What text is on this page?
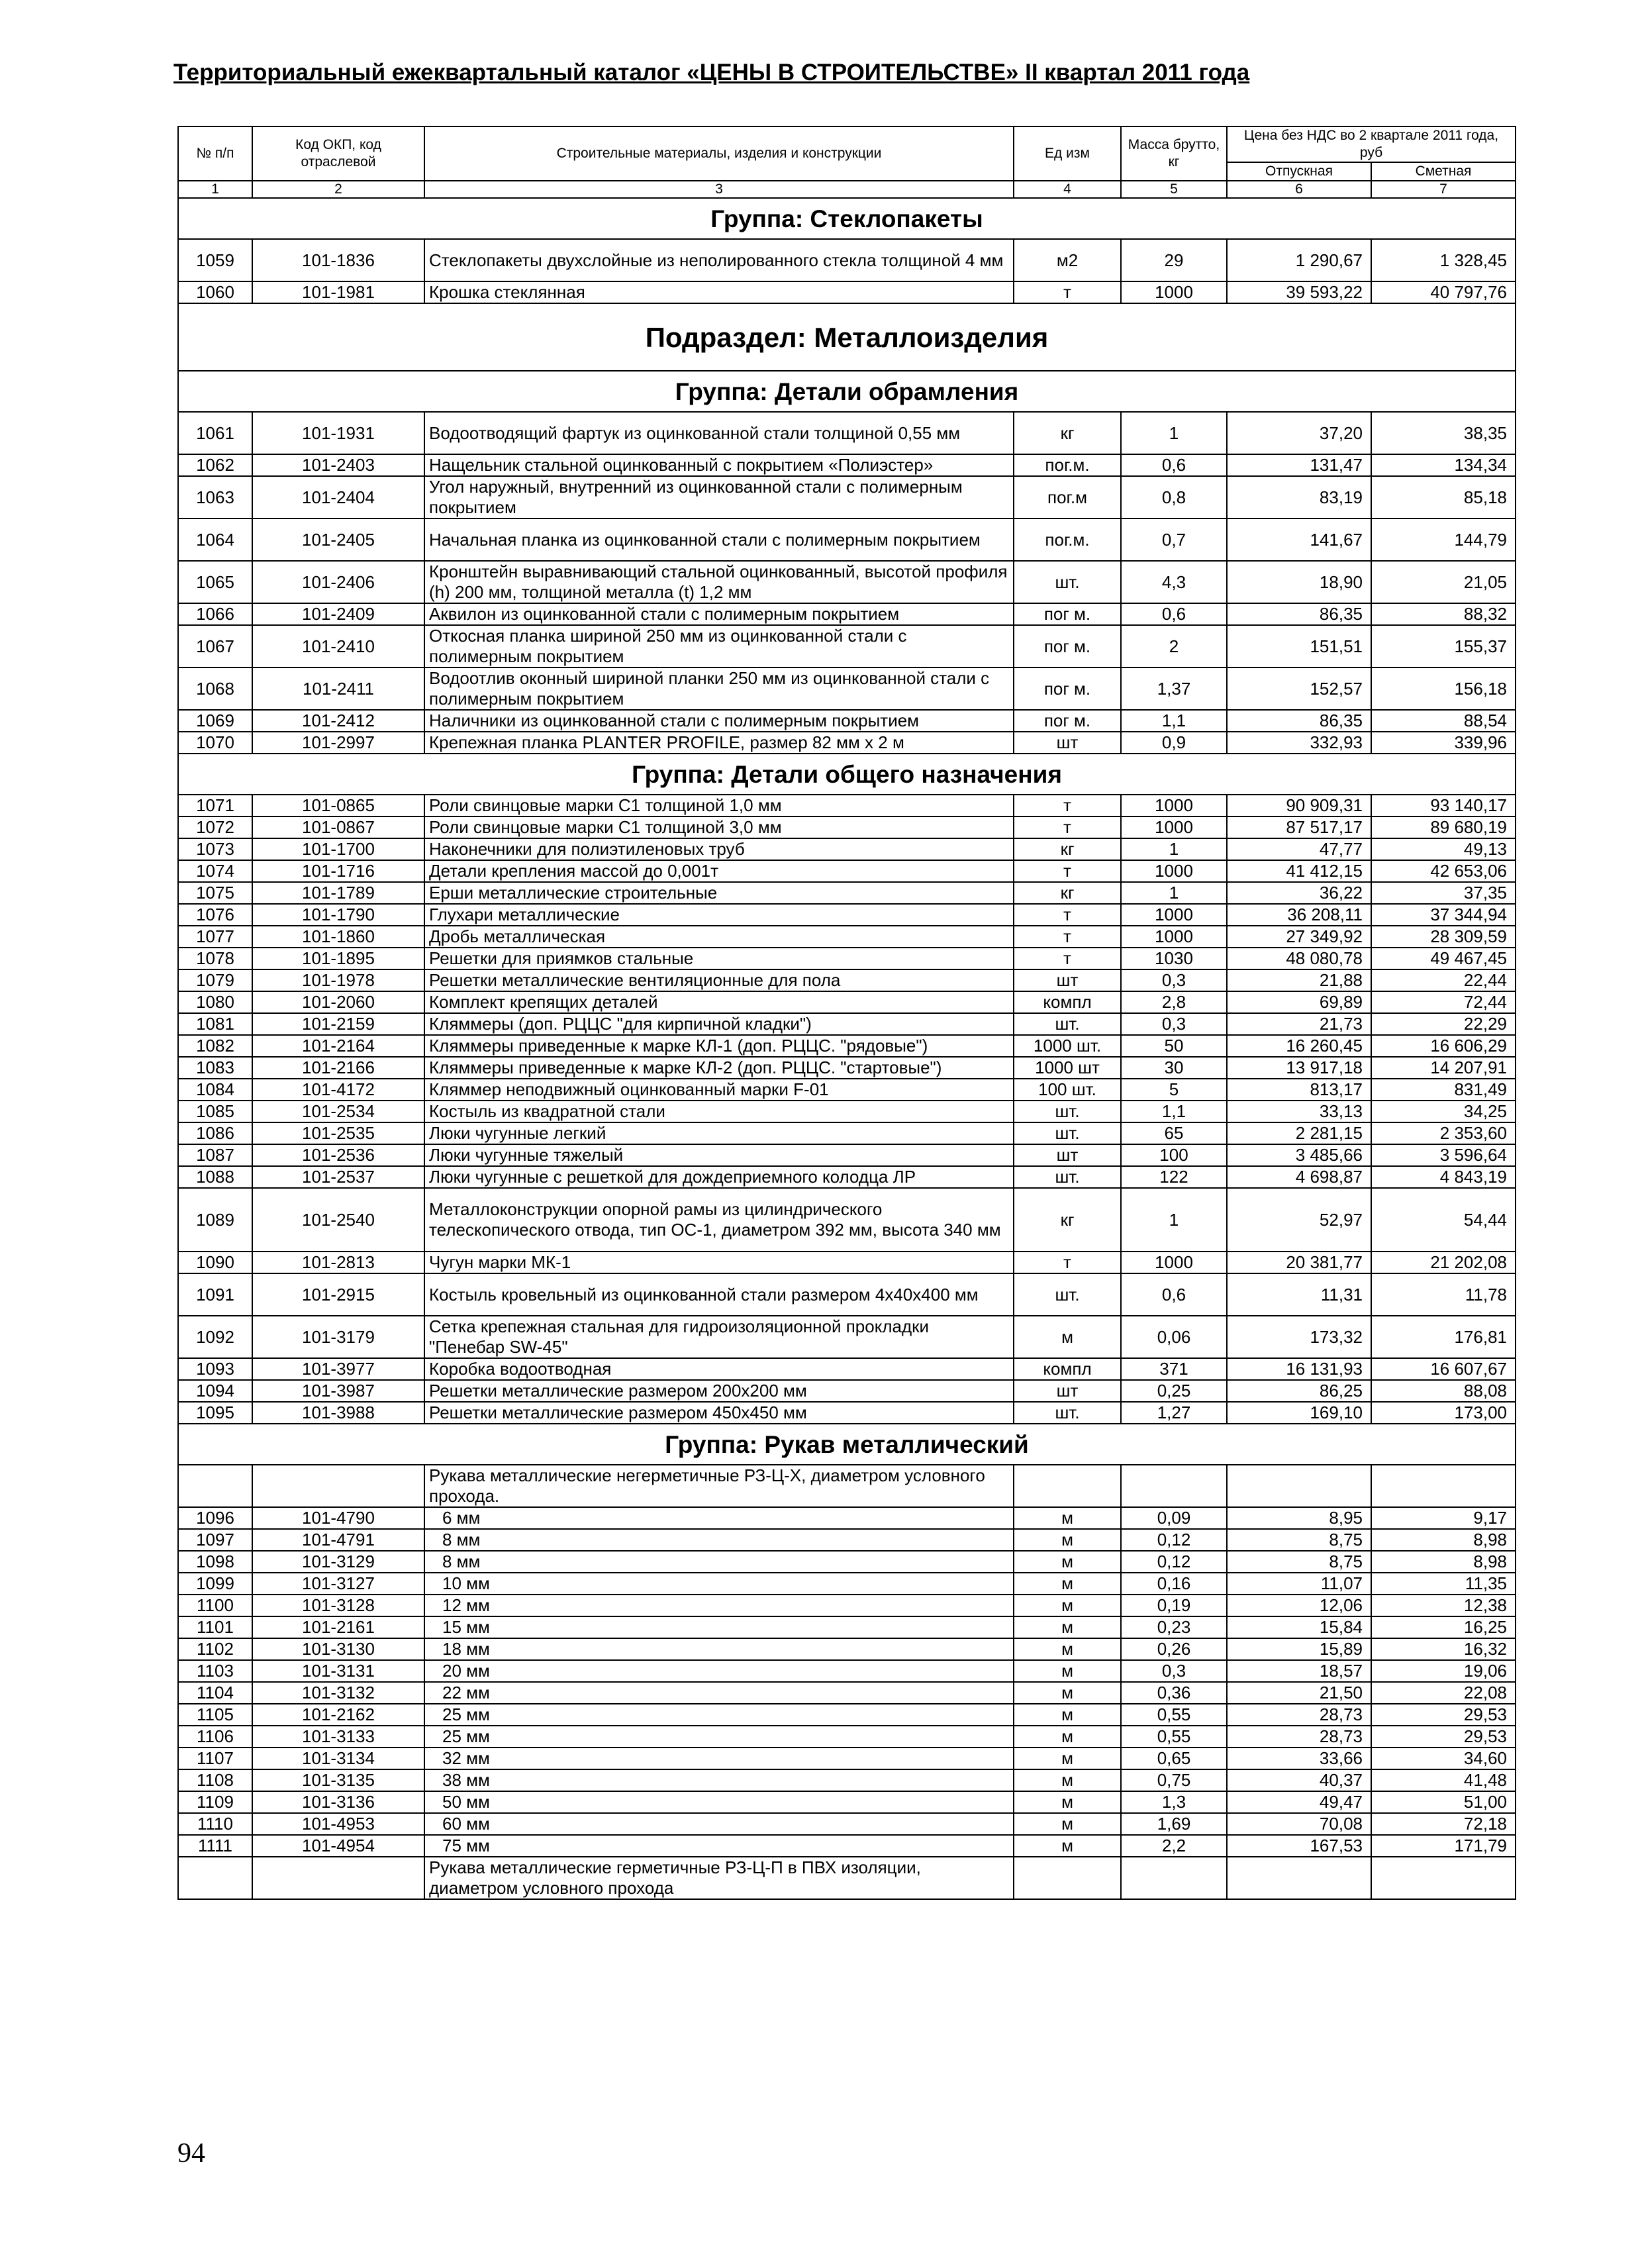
Территориальный ежеквартальный каталог «ЦЕНЫ В СТРОИТЕЛЬСТВЕ» II квартал 2011 года
№ п/п	Код ОКП, код отраслевой	Строительные материалы, изделия и конструкции	Ед изм	Масса брутто, кг	Цена без НДС во 2 квартале 2011 года, руб	
					Отпускная	Сметная
1	2	3	4	5	6	7
Группа: Стеклопакеты						
1059	101-1836	Стеклопакеты двухслойные из неполированного стекла толщиной 4 мм	м2	29	1 290,67	1 328,45
1060	101-1981	Крошка стеклянная	т	1000	39 593,22	40 797,76
Подраздел: Металлоизделия						
Группа: Детали обрамления						
1061	101-1931	Водоотводящий фартук из оцинкованной стали толщиной 0,55 мм	кг	1	37,20	38,35
1062	101-2403	Нащельник стальной оцинкованный с покрытием «Полиэстер»	пог.м.	0,6	131,47	134,34
1063	101-2404	Угол наружный, внутренний из оцинкованной стали с полимерным покрытием	пог.м	0,8	83,19	85,18
1064	101-2405	Начальная планка из оцинкованной стали с полимерным покрытием	пог.м.	0,7	141,67	144,79
1065	101-2406	Кронштейн выравнивающий стальной оцинкованный, высотой профиля (h) 200 мм, толщиной металла (t) 1,2 мм	шт.	4,3	18,90	21,05
1066	101-2409	Аквилон из оцинкованной стали с полимерным покрытием	пог м.	0,6	86,35	88,32
1067	101-2410	Откосная планка шириной 250 мм из оцинкованной стали с полимерным покрытием	пог м.	2	151,51	155,37
1068	101-2411	Водоотлив оконный шириной планки 250 мм из оцинкованной стали с полимерным покрытием	пог м.	1,37	152,57	156,18
1069	101-2412	Наличники из оцинкованной стали с полимерным покрытием	пог м.	1,1	86,35	88,54
1070	101-2997	Крепежная планка PLANTER PROFILE, размер 82 мм х 2 м	шт	0,9	332,93	339,96
Группа: Детали общего назначения						
1071	101-0865	Роли свинцовые марки С1 толщиной 1,0 мм	т	1000	90 909,31	93 140,17
1072	101-0867	Роли свинцовые марки С1 толщиной 3,0 мм	т	1000	87 517,17	89 680,19
1073	101-1700	Наконечники для полиэтиленовых труб	кг	1	47,77	49,13
1074	101-1716	Детали крепления массой до 0,001т	т	1000	41 412,15	42 653,06
1075	101-1789	Ерши металлические строительные	кг	1	36,22	37,35
1076	101-1790	Глухари металлические	т	1000	36 208,11	37 344,94
1077	101-1860	Дробь металлическая	т	1000	27 349,92	28 309,59
1078	101-1895	Решетки для приямков стальные	т	1030	48 080,78	49 467,45
1079	101-1978	Решетки металлические вентиляционные для пола	шт	0,3	21,88	22,44
1080	101-2060	Комплект крепящих деталей	компл	2,8	69,89	72,44
1081	101-2159	Кляммеры (доп. РЦЦС "для кирпичной кладки")	шт.	0,3	21,73	22,29
1082	101-2164	Кляммеры приведенные к марке КЛ-1 (доп. РЦЦС. "рядовые")	1000 шт.	50	16 260,45	16 606,29
1083	101-2166	Кляммеры приведенные к марке КЛ-2 (доп. РЦЦС. "стартовые")	1000 шт	30	13 917,18	14 207,91
1084	101-4172	Кляммер неподвижный оцинкованный марки F-01	100 шт.	5	813,17	831,49
1085	101-2534	Костыль из квадратной стали	шт.	1,1	33,13	34,25
1086	101-2535	Люки чугунные легкий	шт.	65	2 281,15	2 353,60
1087	101-2536	Люки чугунные тяжелый	шт	100	3 485,66	3 596,64
1088	101-2537	Люки чугунные с решеткой для дождеприемного колодца ЛР	шт.	122	4 698,87	4 843,19
1089	101-2540	Металлоконструкции опорной рамы из цилиндрического телескопического отвода, тип ОС-1, диаметром 392 мм, высота 340 мм	кг	1	52,97	54,44
1090	101-2813	Чугун марки МК-1	т	1000	20 381,77	21 202,08
1091	101-2915	Костыль кровельный из оцинкованной стали размером 4х40х400 мм	шт.	0,6	11,31	11,78
1092	101-3179	Сетка крепежная стальная для гидроизоляционной прокладки "Пенебар SW-45"	м	0,06	173,32	176,81
1093	101-3977	Коробка водоотводная	компл	371	16 131,93	16 607,67
1094	101-3987	Решетки металлические размером 200х200 мм	шт	0,25	86,25	88,08
1095	101-3988	Решетки металлические размером 450х450 мм	шт.	1,27	169,10	173,00
Группа: Рукав металлический						
		Рукава металлические негерметичные РЗ-Ц-Х, диаметром условного прохода.				
1096	101-4790	6 мм	м	0,09	8,95	9,17
1097	101-4791	8 мм	м	0,12	8,75	8,98
1098	101-3129	8 мм	м	0,12	8,75	8,98
1099	101-3127	10 мм	м	0,16	11,07	11,35
1100	101-3128	12 мм	м	0,19	12,06	12,38
1101	101-2161	15 мм	м	0,23	15,84	16,25
1102	101-3130	18 мм	м	0,26	15,89	16,32
1103	101-3131	20 мм	м	0,3	18,57	19,06
1104	101-3132	22 мм	м	0,36	21,50	22,08
1105	101-2162	25 мм	м	0,55	28,73	29,53
1106	101-3133	25 мм	м	0,55	28,73	29,53
1107	101-3134	32 мм	м	0,65	33,66	34,60
1108	101-3135	38 мм	м	0,75	40,37	41,48
1109	101-3136	50 мм	м	1,3	49,47	51,00
1110	101-4953	60 мм	м	1,69	70,08	72,18
1111	101-4954	75 мм	м	2,2	167,53	171,79
		Рукава металлические герметичные РЗ-Ц-П в ПВХ изоляции, диаметром условного прохода				
94
